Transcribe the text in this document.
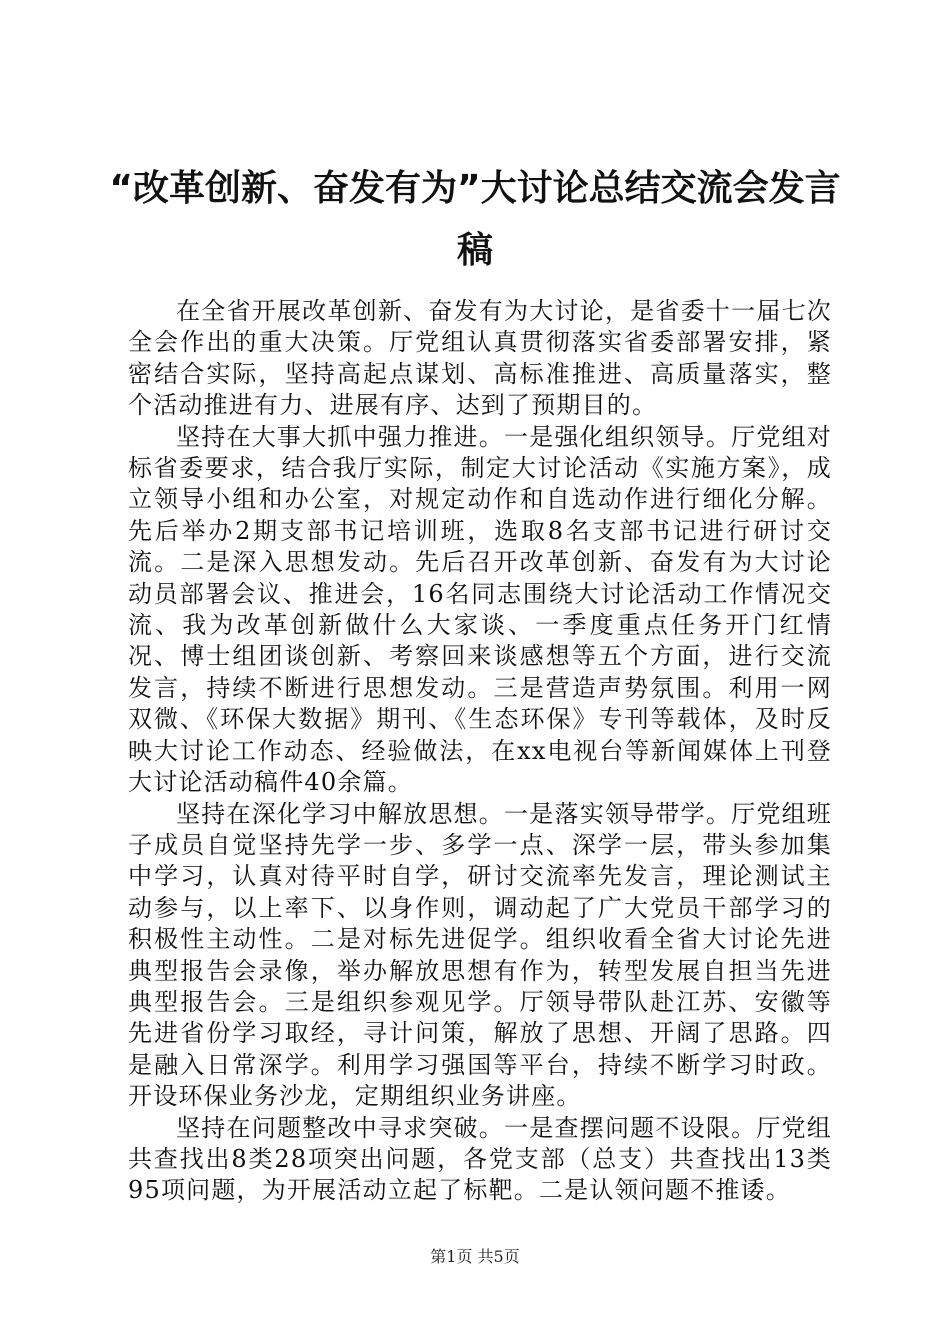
“改革创新、奋发有为”大讨论总结交流会发言稿

在全省开展改革创新、奋发有为大讨论，是省委十一届七次全会作出的重大决策。厅党组认真贯彻落实省委部署安排，紧密结合实际，坚持高起点谋划、高标准推进、高质量落实，整个活动推进有力、进展有序、达到了预期目的。

坚持在大事大抓中强力推进。一是强化组织领导。厅党组对标省委要求，结合我厅实际，制定大讨论活动《实施方案》，成立领导小组和办公室，对规定动作和自选动作进行细化分解。先后举办2期支部书记培训班，选取8名支部书记进行研讨交流。二是深入思想发动。先后召开改革创新、奋发有为大讨论动员部署会议、推进会，16名同志围绕大讨论活动工作情况交流、我为改革创新做什么大家谈、一季度重点任务开门红情况、博士组团谈创新、考察回来谈感想等五个方面，进行交流发言，持续不断进行思想发动。三是营造声势氛围。利用一网双微、《环保大数据》期刊、《生态环保》专刊等载体，及时反映大讨论工作动态、经验做法，在xx电视台等新闻媒体上刊登大讨论活动稿件40余篇。

坚持在深化学习中解放思想。一是落实领导带学。厅党组班子成员自觉坚持先学一步、多学一点、深学一层，带头参加集中学习，认真对待平时自学，研讨交流率先发言，理论测试主动参与，以上率下、以身作则，调动起了广大党员干部学习的积极性主动性。二是对标先进促学。组织收看全省大讨论先进典型报告会录像，举办解放思想有作为，转型发展自担当先进典型报告会。三是组织参观见学。厅领导带队赴江苏、安徽等先进省份学习取经，寻计问策，解放了思想、开阔了思路。四是融入日常深学。利用学习强国等平台，持续不断学习时政。开设环保业务沙龙，定期组织业务讲座。

坚持在问题整改中寻求突破。一是查摆问题不设限。厅党组共查找出8类28项突出问题，各党支部（总支）共查找出13类95项问题，为开展活动立起了标靶。二是认领问题不推诿。

第1页 共5页
